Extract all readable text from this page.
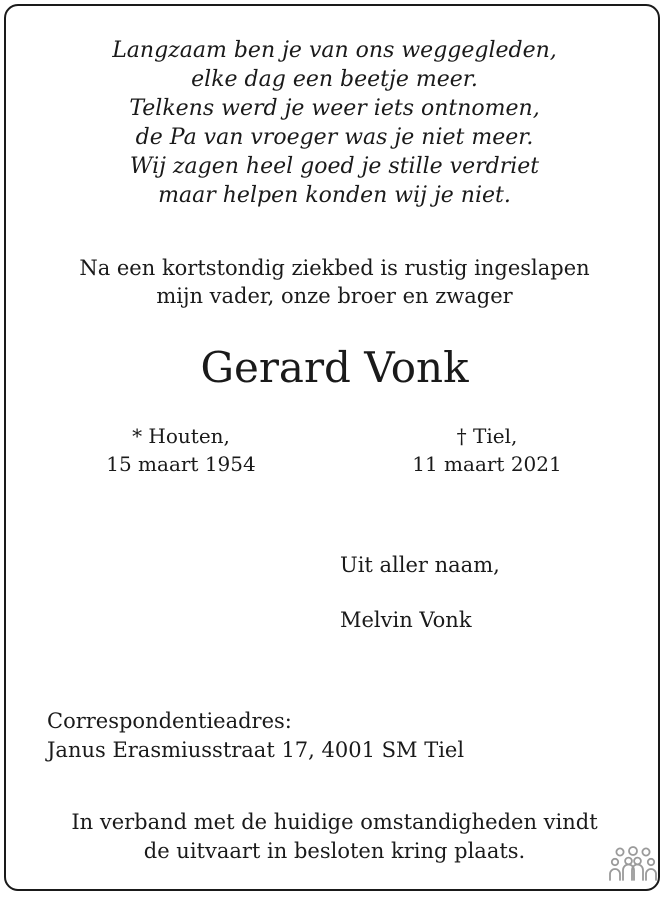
Langzaam ben je van ons weggegleden,
elke dag een beetje meer.
Telkens werd je weer iets ontnomen,
de Pa van vroeger was je niet meer.
Wij zagen heel goed je stille verdriet
maar helpen konden wij je niet.
Na een kortstondig ziekbed is rustig ingeslapen
mijn vader, onze broer en zwager
Gerard Vonk
* Houten,
15 maart 1954
† Tiel,
11 maart 2021
Uit aller naam,
Melvin Vonk
Correspondentieadres:
Janus Erasmiusstraat 17, 4001 SM Tiel
In verband met de huidige omstandigheden vindt
de uitvaart in besloten kring plaats.
